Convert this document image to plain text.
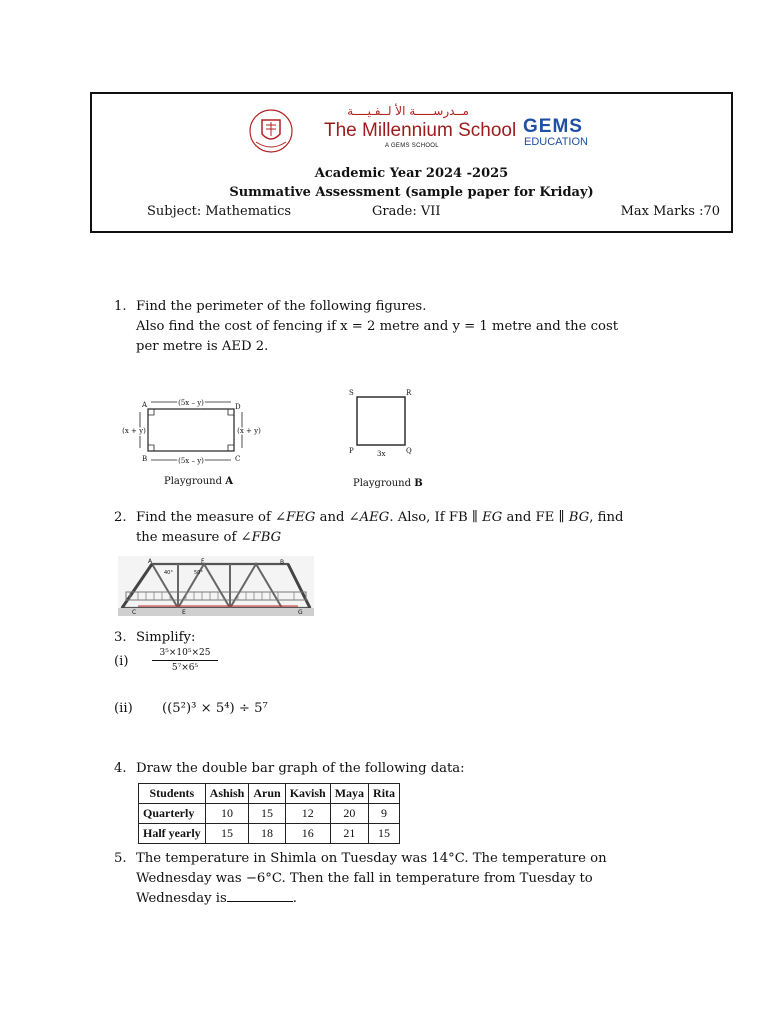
مــدرســـــة الأ لــفـيــــة
The Millennium School
A GEMS SCHOOL
GEMS
EDUCATION
Academic Year 2024 -2025
Summative Assessment (sample paper for Kriday)
Subject: Mathematics	Grade: VII	Max Marks :70
1. Find the perimeter of the following figures.
Also find the cost of fencing if x = 2 metre and y = 1 metre and the cost
per metre is AED 2.
(5x – y)
(5x – y)
(x + y)	(x + y)
A
B	C
D
Playground A
S	R
P	Q
3x
Playground B
2. Find the measure of ∠FEG and ∠AEG. Also, If FB ∥ EG and FE ∥ BG, find
the measure of ∠FBG
A	F	B
C	E	G
40°	50°
3. Simplify:
(i)	$\frac{\text{3⁵×10⁵×25}}{\text{5⁷×6⁵}}$
(ii) ((5²)³ × 5⁴) ÷ 5⁷
4. Draw the double bar graph of the following data:
Students	Ashish	Arun	Kavish	Maya	Rita
Quarterly	10	15	12	20	9
Half yearly	15	18	16	21	15
5. The temperature in Shimla on Tuesday was 14°C. The temperature on
Wednesday was −6°C. Then the fall in temperature from Tuesday to
Wednesday is	.
